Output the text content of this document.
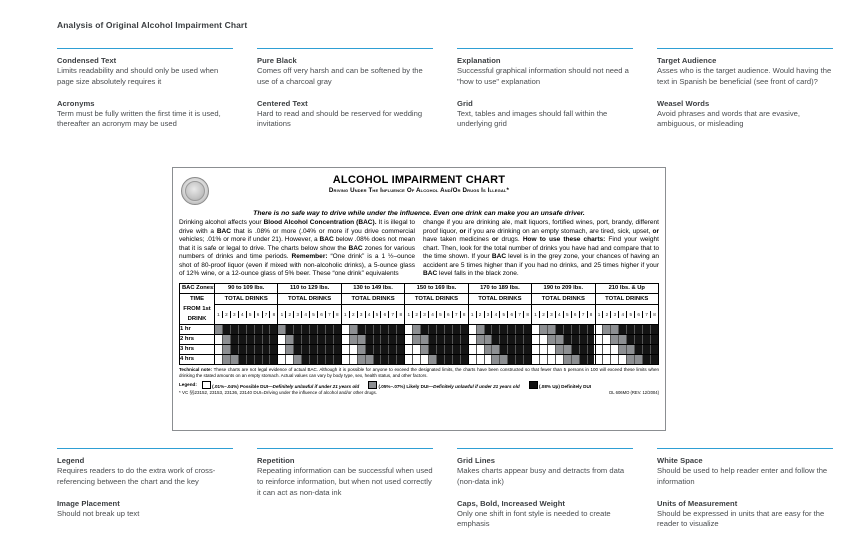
Analysis of Original Alcohol Impairment Chart
Condensed Text

Limits readability and should only be used when page size absolutely requires it

Acronyms

Term must be fully written the first time it is used, thereafter an acronym may be used

Pure Black

Comes off very harsh and can be softened by the use of a charcoal gray

Centered Text

Hard to read and should be reserved for wedding invitations

Explanation

Successful graphical information should not need a "how to use" explanation

Grid

Text, tables and images should fall within the underlying grid

Target Audience

Asses who is the target audience. Would having the text in Spanish be beneficial (see front of card)?

Weasel Words

Avoid phrases and words that are evasive, ambiguous, or misleading

ALCOHOL IMPAIRMENT CHART
Driving Under The Influence Of Alcohol And/Or Drugs Is Illegal*
There is no safe way to drive while under the influence. Even one drink can make you an unsafe driver.

Drinking alcohol affects your Blood Alcohol Concentration (BAC). It is illegal to drive with a BAC that is .08% or more (.04% or more if you drive commercial vehicles; .01% or more if under 21). However, a BAC below .08% does not mean that it is safe or legal to drive. The charts below show the BAC zones for various numbers of drinks and time periods. Remember: “One drink” is a 1 ½–ounce shot of 80-proof liquor (even if mixed with non-alcoholic drinks), a 5-ounce glass of 12% wine, or a 12-ounce glass of 5% beer. These “one drink” equivalents

change if you are drinking ale, malt liquors, fortified wines, port, brandy, different proof liquor, or if you are drinking on an empty stomach, are tired, sick, upset, or have taken medicines or drugs. How to use these charts: Find your weight chart. Then, look for the total number of drinks you have had and compare that to the time shown. If your BAC level is in the grey zone, your chances of having an accident are 5 times higher than if you had no drinks, and 25 times higher if your BAC level falls in the black zone.

BAC Zones:	90 to 109 lbs.	110 to 129 lbs.	130 to 149 lbs.	150 to 169 lbs.	170 to 189 lbs.	190 to 209 lbs.	210 lbs. & Up
TIME
FROM 1st
DRINK	TOTAL DRINKS	TOTAL DRINKS	TOTAL DRINKS	TOTAL DRINKS	TOTAL DRINKS	TOTAL DRINKS	TOTAL DRINKS

1	2	3	4	5	6	7	8	1	2	3	4	5	6	7	8	1	2	3	4	5	6	7	8	1	2	3	4	5	6	7	8	1	2	3	4	5	6	7	8	1	2	3	4	5	6	7	8	1	2	3	4	5	6	7	8

1 hr	

2 hrs	

3 hrs	

4 hrs	

Technical note: These charts are not legal evidence of actual BAC. Although it is possible for anyone to exceed the designated limits, the charts have been constructed so that fewer than 5 persons in 100 will exceed these limits when drinking the stated amounts on an empty stomach. Actual values can vary by body type, sex, health status, and other factors.
Legend:	(.01%–.04%) Possible DUI—Definitely unlawful if under 21 years old	(.05%–.07%) Likely DUI—Definitely unlawful if under 21 years old	(.08% Up) Definitely DUI
* VC §§23152, 23153, 23136, 23140 DUI=Driving under the influence of alcohol and/or other drugs.	DL 606MO (REV. 12/2004)
Legend

Requires readers to do the extra work of cross-referencing between the chart and the key

Image Placement

Should not break up text

Repetition

Repeating information can be successful when used to reinforce information, but when not used correctly it can act as non-data ink

Grid Lines

Makes charts appear busy and detracts from data (non-data ink)

Caps, Bold, Increased Weight

Only one shift in font style is needed to create emphasis

White Space

Should be used to help reader enter and follow the information

Units of Measurement

Should be expressed in units that are easy for the reader to visualize
